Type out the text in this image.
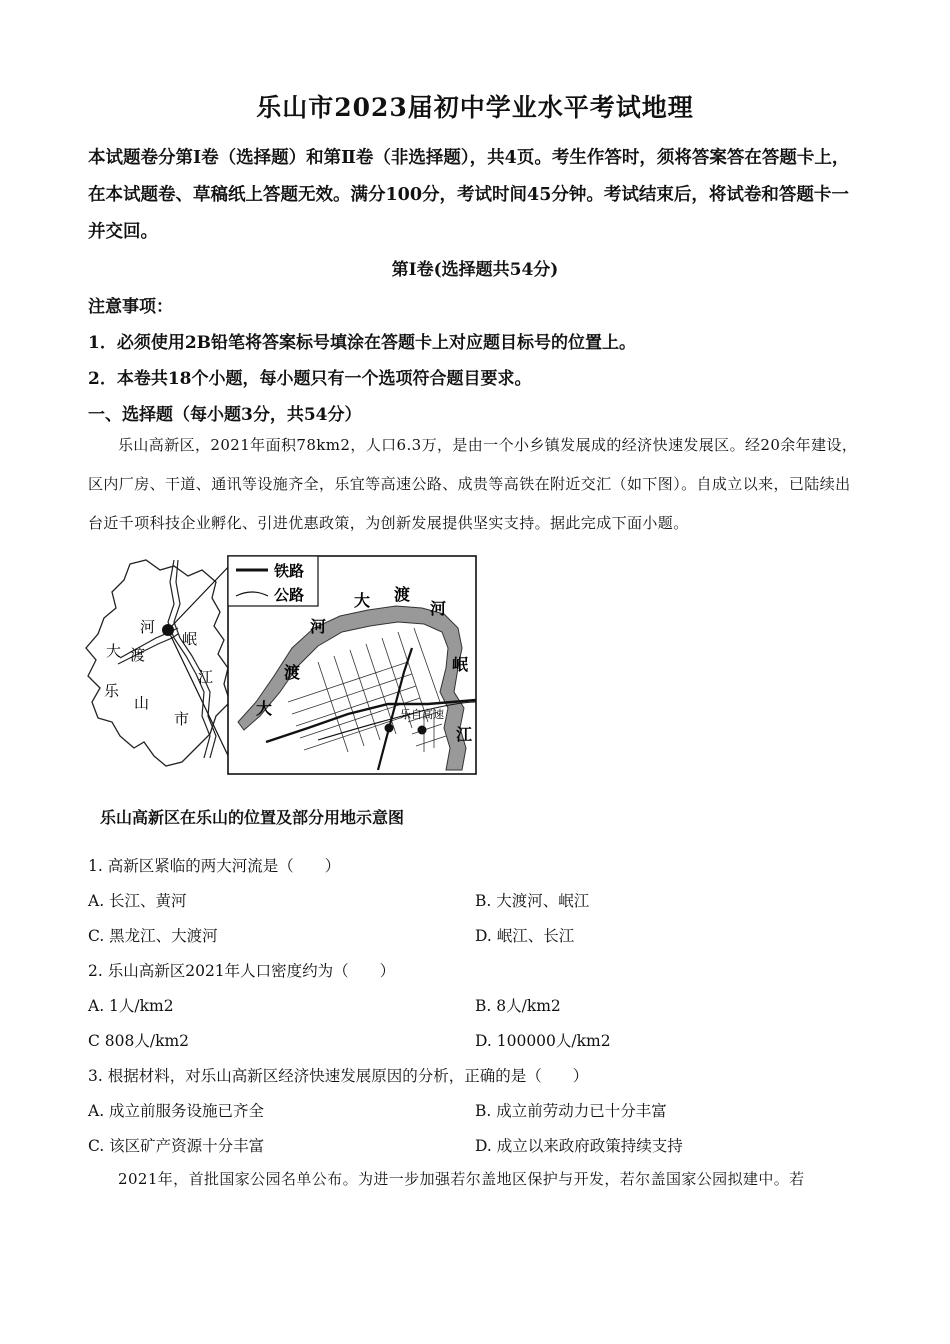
乐山市2023届初中学业水平考试地理
本试题卷分第Ⅰ卷（选择题）和第Ⅱ卷（非选择题），共4页。考生作答时，须将答案答在答题卡上，在本试题卷、草稿纸上答题无效。满分100分，考试时间45分钟。考试结束后，将试卷和答题卡一并交回。
第Ⅰ卷(选择题共54分)
注意事项：
1．必须使用2B铅笔将答案标号填涂在答题卡上对应题目标号的位置上。
2．本卷共18个小题，每小题只有一个选项符合题目要求。
一、选择题（每小题3分，共54分）
乐山高新区，2021年面积78km2，人口6.3万，是由一个小乡镇发展成的经济快速发展区。经20余年建设，区内厂房、干道、通讯等设施齐全，乐宜等高速公路、成贵等高铁在附近交汇（如下图）。自成立以来，已陆续出台近千项科技企业孵化、引进优惠政策，为创新发展提供坚实支持。据此完成下面小题。
河
岷
大 渡
江
乐
山
市
铁路
公路	大 渡
河
河
渡
大
岷
江
乐自高速
乐山高新区在乐山的位置及部分用地示意图
1. 高新区紧临的两大河流是（　　）
A. 长江、黄河	B. 大渡河、岷江
C. 黑龙江、大渡河	D. 岷江、长江
2. 乐山高新区2021年人口密度约为（　　）
A. 1人/km2	B. 8人/km2
C 808人/km2	D. 100000人/km2
3. 根据材料，对乐山高新区经济快速发展原因的分析，正确的是（　　）
A. 成立前服务设施已齐全	B. 成立前劳动力已十分丰富
C. 该区矿产资源十分丰富	D. 成立以来政府政策持续支持
2021年，首批国家公园名单公布。为进一步加强若尔盖地区保护与开发，若尔盖国家公园拟建中。若
